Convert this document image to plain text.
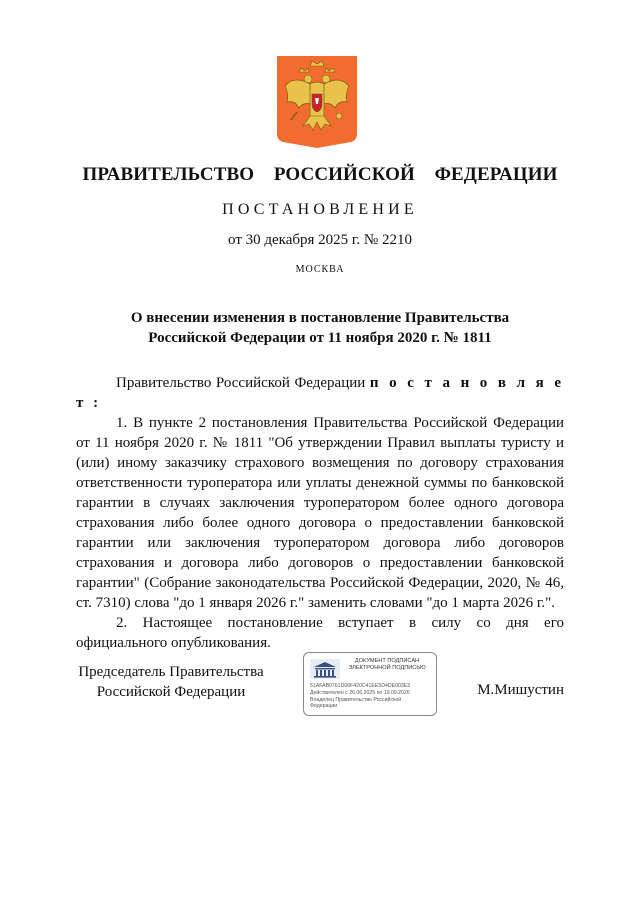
ПРАВИТЕЛЬСТВО  РОССИЙСКОЙ  ФЕДЕРАЦИИ
ПОСТАНОВЛЕНИЕ
от 30 декабря 2025 г. № 2210
МОСКВА
О внесении изменения в постановление Правительства
Российской Федерации от 11 ноября 2020 г. № 1811

Правительство Российской Федерации п о с т а н о в л я е т :

1. В пункте 2 постановления Правительства Российской Федерации от 11 ноября 2020 г. № 1811 "Об утверждении Правил выплаты туристу и (или) иному заказчику страхового возмещения по договору страхования ответственности туроператора или уплаты денежной суммы по банковской гарантии в случаях заключения туроператором более одного договора страхования либо более одного договора о предоставлении банковской гарантии или заключения туроператором договора либо договоров страхования и договора либо договоров о предоставлении банковской гарантии" (Собрание законодательства Российской Федерации, 2020, № 46, ст. 7310) слова "до 1 января 2026 г." заменить словами "до 1 марта 2026 г.".

2. Настоящее постановление вступает в силу со дня его официального опубликования.

Председатель Правительства
Российской Федерации
ДОКУМЕНТ ПОДПИСАН
ЭЛЕКТРОННОЙ ПОДПИСЬЮ
51AFAB0761D06F420C41EE5D4DE003E3
Действителен с 26.06.2025 по 19.09.2026
Владелец Правительство Российской
Федерации
М.Мишустин
